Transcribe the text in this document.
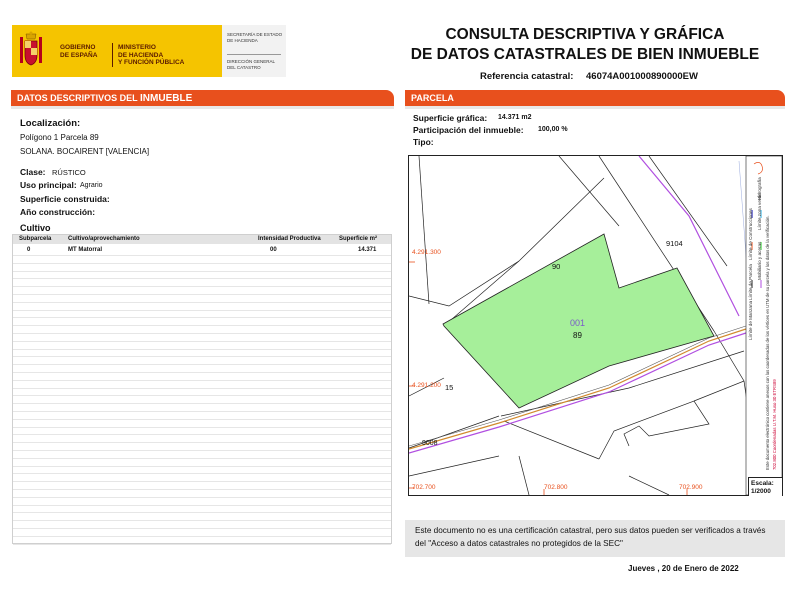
GOBIERNO
DE ESPAÑA
MINISTERIO
DE HACIENDA
Y FUNCIÓN PÚBLICA
SECRETARÍA DE ESTADO
DE HACIENDA
DIRECCIÓN GENERAL
DEL CATASTRO
CONSULTA DESCRIPTIVA Y GRÁFICA
DE DATOS CATASTRALES DE BIEN INMUEBLE
Referencia catastral: 46074A001000890000EW
DATOS DESCRIPTIVOS DEL INMUEBLE
Localización:
Polígono 1 Parcela 89
SOLANA. BOCAIRENT [VALENCIA]
Clase: RÚSTICO
Uso principal: Agrario
Superficie construida:
Año construcción:
Cultivo
Subparcela	Cultivo/aprovechamiento	Intensidad Productiva	Superficie m²
0	MT Matorral	00	14.371
PARCELA
Superficie gráfica: 14.371 m2
Participación del inmueble: 100,00 %
Tipo:
90
9104
15
9008
001
89
4.291.300
4.291.200
702.700	702.800	702.900
Límite de Manzana
Límite de Parcela
Límite de Construcciones
Mobiliario y aceras
Límite zona verde
Hidrografía
Este documento electrónico contiene anexos con las coordenadas de los vértices en UTM de su parcela y los datos de la verificación. 702.800 Coordenadas U.T.M. Huso 30 ETRS89
Escala:
1/2000
Este documento no es una certificación catastral, pero sus datos pueden ser verificados a través del "Acceso a datos catastrales no protegidos de la SEC"
Jueves , 20 de Enero de 2022
